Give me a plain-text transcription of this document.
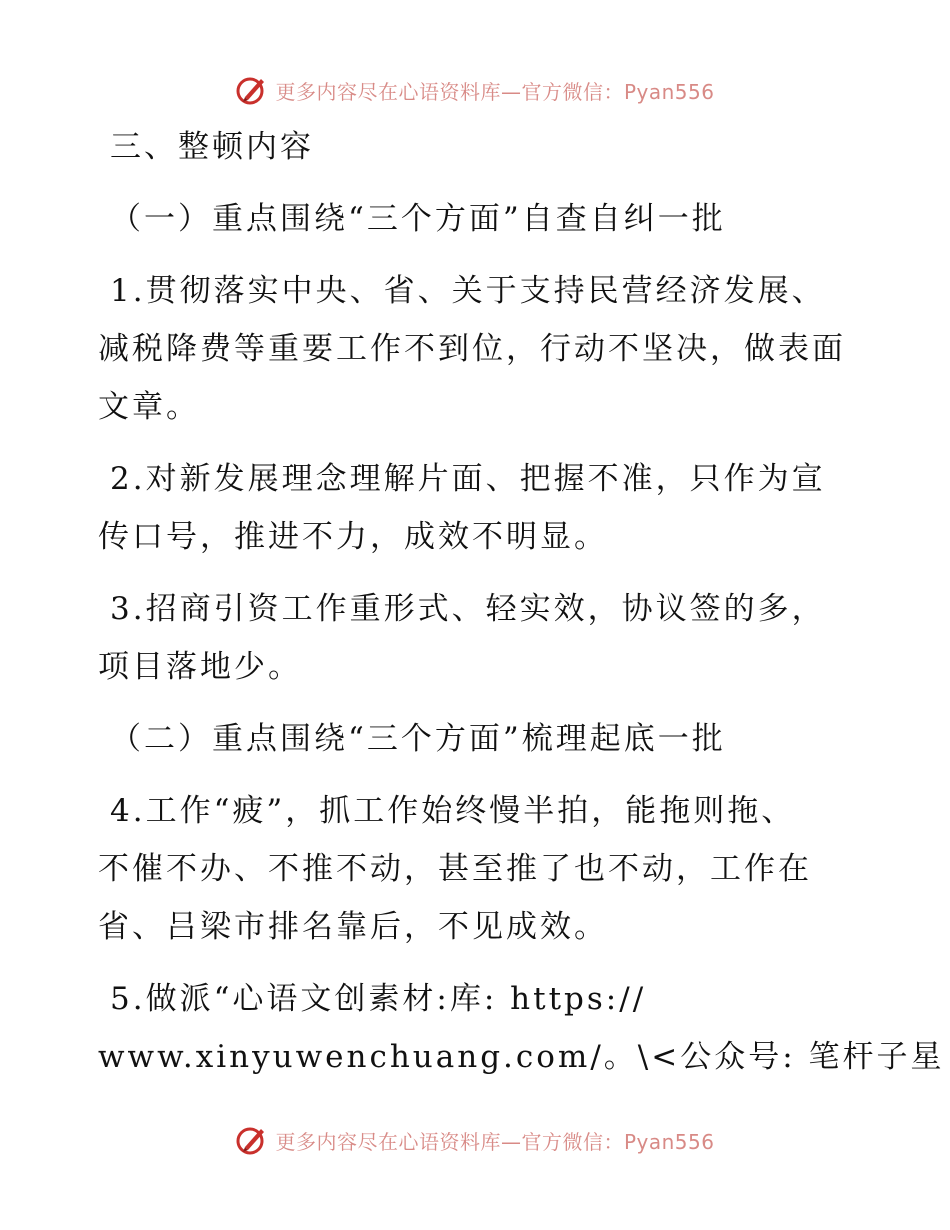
更多内容尽在心语资料库—官方微信：Pyan556
三、整顿内容
（一）重点围绕“三个方面”自查自纠一批
1.贯彻落实中央、省、关于支持民营经济发展、
减税降费等重要工作不到位，行动不坚决，做表面
文章。
2.对新发展理念理解片面、把握不准，只作为宣
传口号，推进不力，成效不明显。
3.招商引资工作重形式、轻实效，协议签的多，
项目落地少。
（二）重点围绕“三个方面”梳理起底一批
4.工作“疲”，抓工作始终慢半拍，能拖则拖、
不催不办、不推不动，甚至推了也不动，工作在
省、吕梁市排名靠后，不见成效。
5.做派“心语文创素材:库: https://
www.xinyuwenchuang.com/。\<公众号: 笔杆子星
更多内容尽在心语资料库—官方微信：Pyan556
